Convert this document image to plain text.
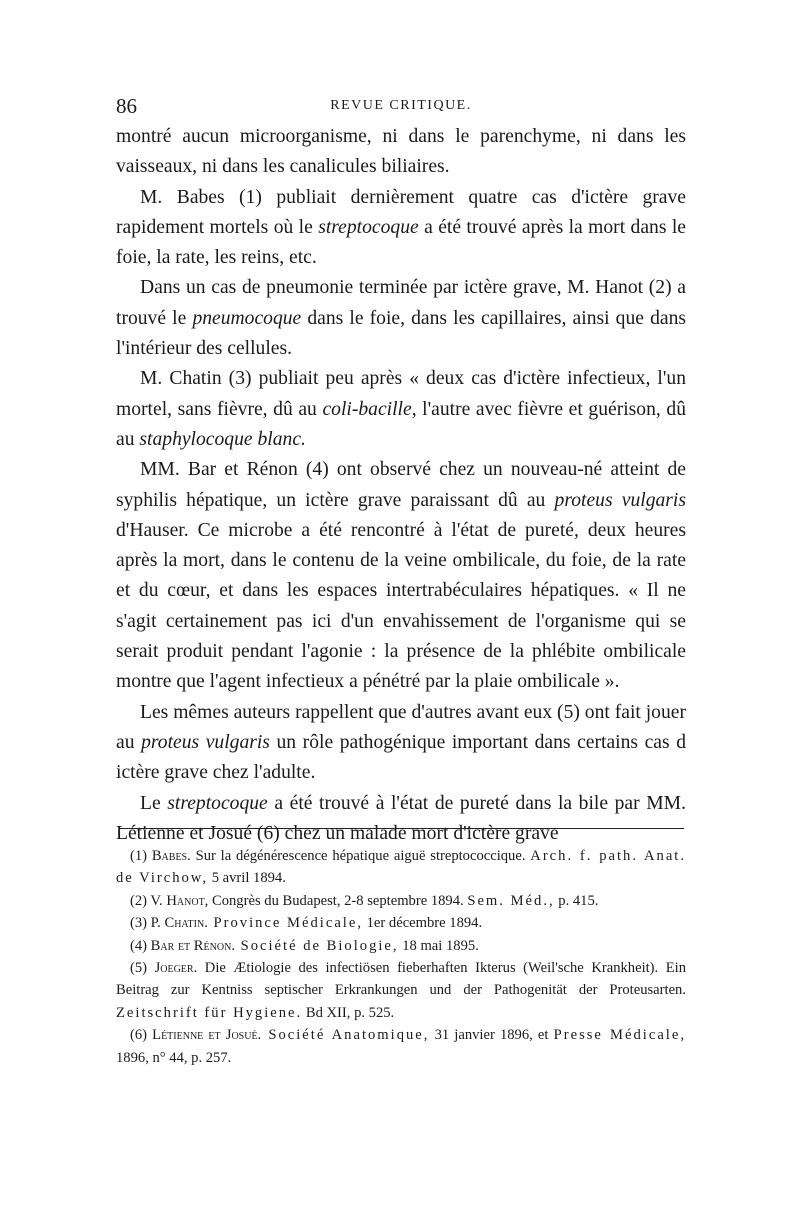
86	REVUE CRITIQUE.

montré aucun microorganisme, ni dans le parenchyme, ni dans les vaisseaux, ni dans les canalicules biliaires.

M. Babes (1) publiait dernièrement quatre cas d'ictère grave rapidement mortels où le streptocoque a été trouvé après la mort dans le foie, la rate, les reins, etc.

Dans un cas de pneumonie terminée par ictère grave, M. Hanot (2) a trouvé le pneumocoque dans le foie, dans les capillaires, ainsi que dans l'intérieur des cellules.

M. Chatin (3) publiait peu après « deux cas d'ictère infectieux, l'un mortel, sans fièvre, dû au coli-bacille, l'autre avec fièvre et guérison, dû au staphylocoque blanc.

MM. Bar et Rénon (4) ont observé chez un nouveau-né atteint de syphilis hépatique, un ictère grave paraissant dû au proteus vulgaris d'Hauser. Ce microbe a été rencontré à l'état de pureté, deux heures après la mort, dans le contenu de la veine ombilicale, du foie, de la rate et du cœur, et dans les espaces intertrabéculaires hépatiques. « Il ne s'agit certainement pas ici d'un envahissement de l'organisme qui se serait produit pendant l'agonie : la présence de la phlébite ombilicale montre que l'agent infectieux a pénétré par la plaie ombilicale ».

Les mêmes auteurs rappellent que d'autres avant eux (5) ont fait jouer au proteus vulgaris un rôle pathogénique important dans certains cas d ictère grave chez l'adulte.

Le streptocoque a été trouvé à l'état de pureté dans la bile par MM. Létienne et Josué (6) chez un malade mort d'ictère grave

(1) Babes. Sur la dégénérescence hépatique aiguë streptococcique. Arch. f. path. Anat. de Virchow, 5 avril 1894.

(2) V. Hanot, Congrès du Budapest, 2-8 septembre 1894. Sem. Méd., p. 415.

(3) P. Chatin. Province Médicale, 1er décembre 1894.

(4) Bar et Rénon. Société de Biologie, 18 mai 1895.

(5) Joeger. Die Ætiologie des infectiösen fieberhaften Ikterus (Weil'sche Krankheit). Ein Beitrag zur Kentniss septischer Erkrankungen und der Pathogenität der Proteusarten. Zeitschrift für Hygiene. Bd XII, p. 525.

(6) Létienne et Josué. Société Anatomique, 31 janvier 1896, et Presse Médicale, 1896, n° 44, p. 257.
